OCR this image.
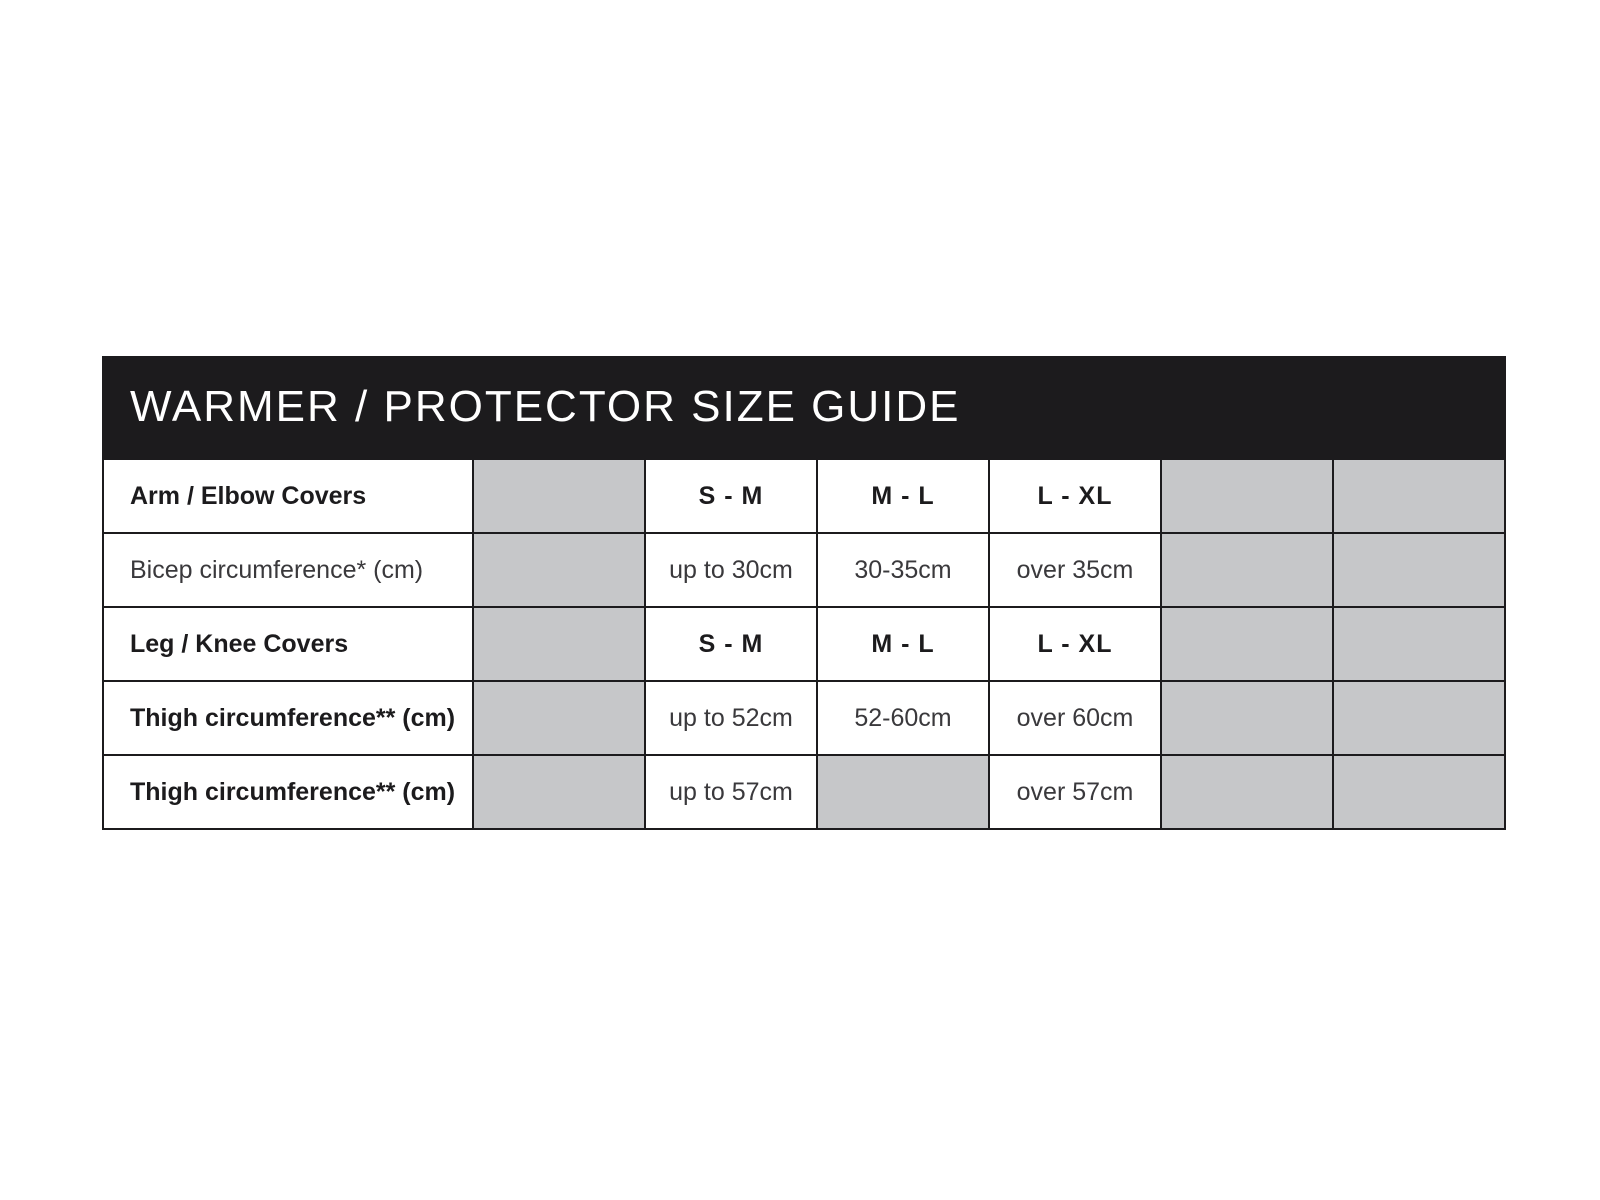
WARMER / PROTECTOR SIZE GUIDE
Arm / Elbow Covers		S - M	M - L	L - XL		
Bicep circumference* (cm)		up to 30cm	30-35cm	over 35cm		
Leg / Knee Covers		S - M	M - L	L - XL		
Thigh circumference** (cm)		up to 52cm	52-60cm	over 60cm		
Thigh circumference** (cm)		up to 57cm		over 57cm		
